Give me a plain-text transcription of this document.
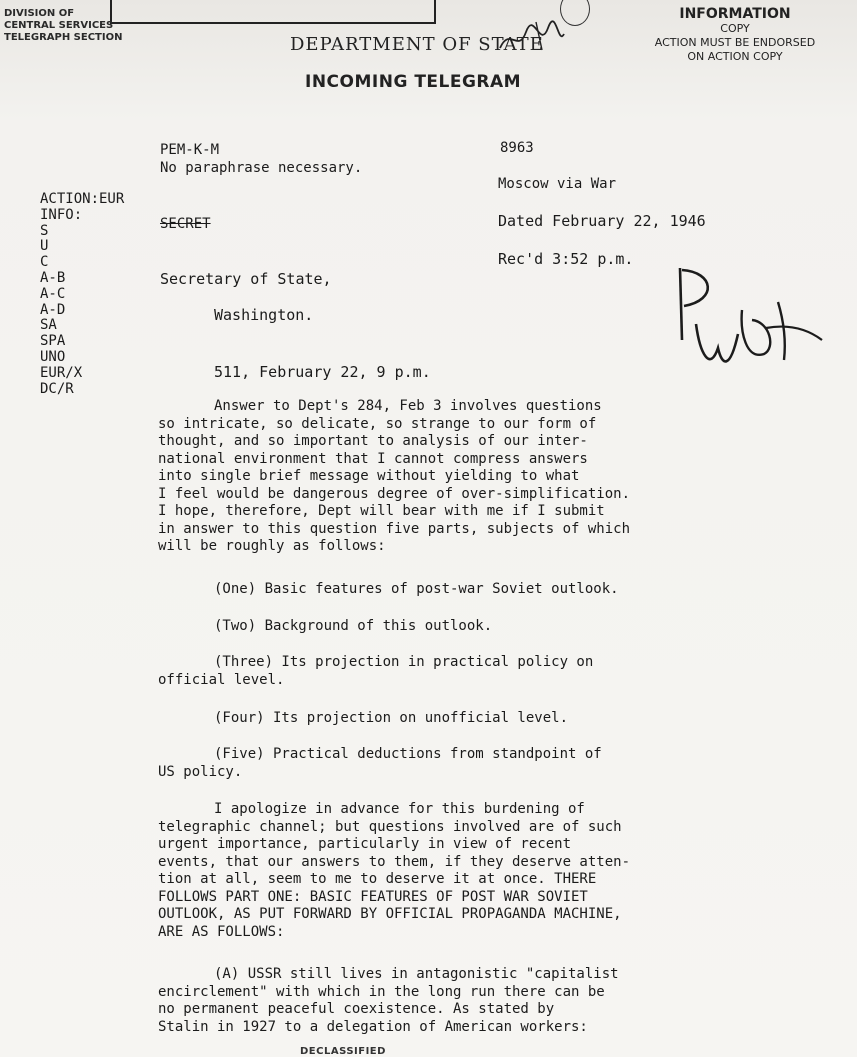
DIVISION OF
CENTRAL SERVICES
TELEGRAPH SECTION	DEPARTMENT OF STATE
INCOMING TELEGRAM
INFORMATION
COPY
ACTION MUST BE ENDORSED
ON ACTION COPY
PEM-K-M
No paraphrase necessary.
8963
Moscow via War
Dated February 22, 1946
Rec'd 3:52 p.m.
SECRET
ACTION:EUR
INFO:
S
U
C
A-B
A-C
A-D
SA
SPA
UNO
EUR/X
DC/R
Secretary of State,
Washington.
511, February 22, 9 p.m.
Answer to Dept's 284, Feb 3 involves questions
so intricate, so delicate, so strange to our form of
thought, and so important to analysis of our inter-
national environment that I cannot compress answers
into single brief message without yielding to what
I feel would be dangerous degree of over-simplification.
I hope, therefore, Dept will bear with me if I submit
in answer to this question five parts, subjects of which
will be roughly as follows:
(One) Basic features of post-war Soviet outlook.
(Two) Background of this outlook.
(Three) Its projection in practical policy on
official level.
(Four) Its projection on unofficial level.
(Five) Practical deductions from standpoint of
US policy.
I apologize in advance for this burdening of
telegraphic channel; but questions involved are of such
urgent importance, particularly in view of recent
events, that our answers to them, if they deserve atten-
tion at all, seem to me to deserve it at once. THERE
FOLLOWS PART ONE: BASIC FEATURES OF POST WAR SOVIET
OUTLOOK, AS PUT FORWARD BY OFFICIAL PROPAGANDA MACHINE,
ARE AS FOLLOWS:
(A) USSR still lives in antagonistic "capitalist
encirclement" with which in the long run there can be
no permanent peaceful coexistence. As stated by
Stalin in 1927 to a delegation of American workers:
DECLASSIFIED
